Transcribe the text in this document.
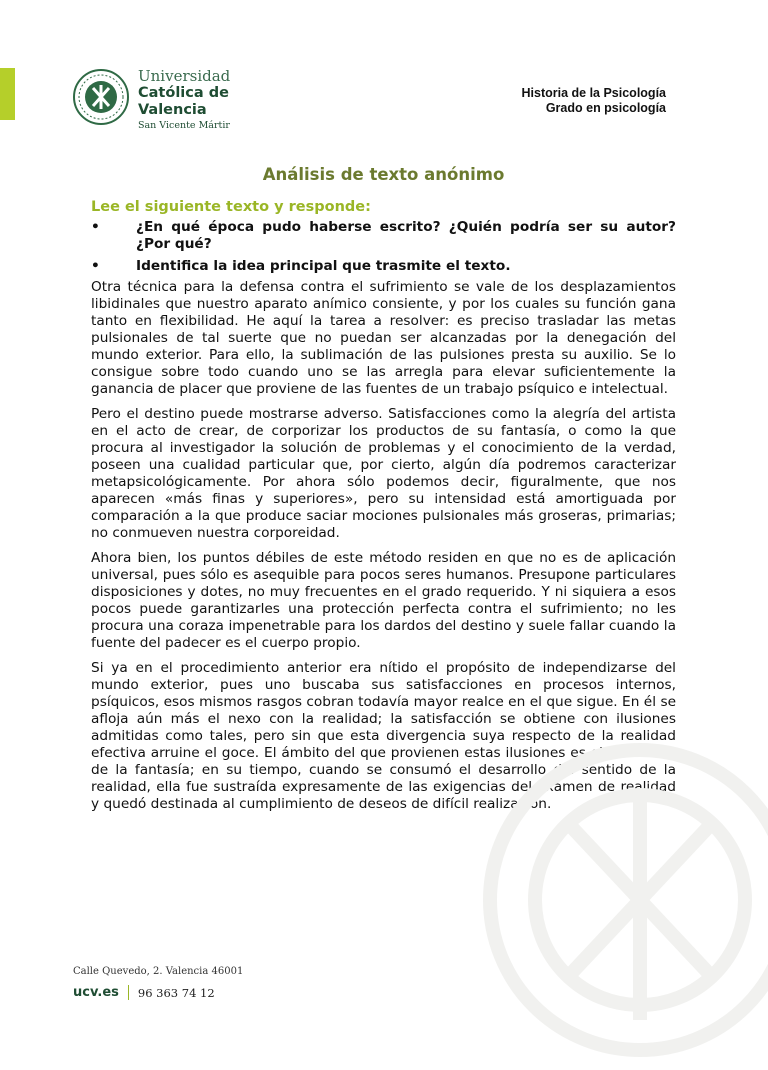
Universidad
Católica de
Valencia
San Vicente Mártir
Historia de la Psicología
Grado en psicología
Análisis de texto anónimo

Lee el siguiente texto y responde:

•	¿En qué época pudo haberse escrito? ¿Quién podría ser su autor? ¿Por qué?

•	Identifica la idea principal que trasmite el texto.

Otra técnica para la defensa contra el sufrimiento se vale de los desplazamientos libidinales que nuestro aparato anímico consiente, y por los cuales su función gana tanto en flexibilidad. He aquí la tarea a resolver: es preciso trasladar las metas pulsionales de tal suerte que no puedan ser alcanzadas por la denegación del mundo exterior. Para ello, la sublimación de las pulsiones presta su auxilio. Se lo consigue sobre todo cuando uno se las arregla para elevar suficientemente la ganancia de placer que proviene de las fuentes de un trabajo psíquico e intelectual.

Pero el destino puede mostrarse adverso. Satisfacciones como la alegría del artista en el acto de crear, de corporizar los productos de su fantasía, o como la que procura al investigador la solución de problemas y el conocimiento de la verdad, poseen una cualidad particular que, por cierto, algún día podremos caracterizar metapsicológicamente. Por ahora sólo podemos decir, figuralmente, que nos aparecen «más finas y superiores», pero su intensidad está amortiguada por comparación a la que produce saciar mociones pulsionales más groseras, primarias; no conmueven nuestra corporeidad.

Ahora bien, los puntos débiles de este método residen en que no es de aplicación universal, pues sólo es asequible para pocos seres humanos. Presupone particulares disposiciones y dotes, no muy frecuentes en el grado requerido. Y ni siquiera a esos pocos puede garantizarles una protección perfecta contra el sufrimiento; no les procura una coraza impenetrable para los dardos del destino y suele fallar cuando la fuente del padecer es el cuerpo propio.

Si ya en el procedimiento anterior era nítido el propósito de independizarse del mundo exterior, pues uno buscaba sus satisfacciones en procesos internos, psíquicos, esos mismos rasgos cobran todavía mayor realce en el que sigue. En él se afloja aún más el nexo con la realidad; la satisfacción se obtiene con ilusiones admitidas como tales, pero sin que esta divergencia suya respecto de la realidad efectiva arruine el goce. El ámbito del que provienen estas ilusiones es el de la vida de la fantasía; en su tiempo, cuando se consumó el desarrollo del sentido de la realidad, ella fue sustraída expresamente de las exigencias del examen de realidad y quedó destinada al cumplimiento de deseos de difícil realización.

Calle Quevedo, 2. Valencia 46001

ucv.es 96 363 74 12
